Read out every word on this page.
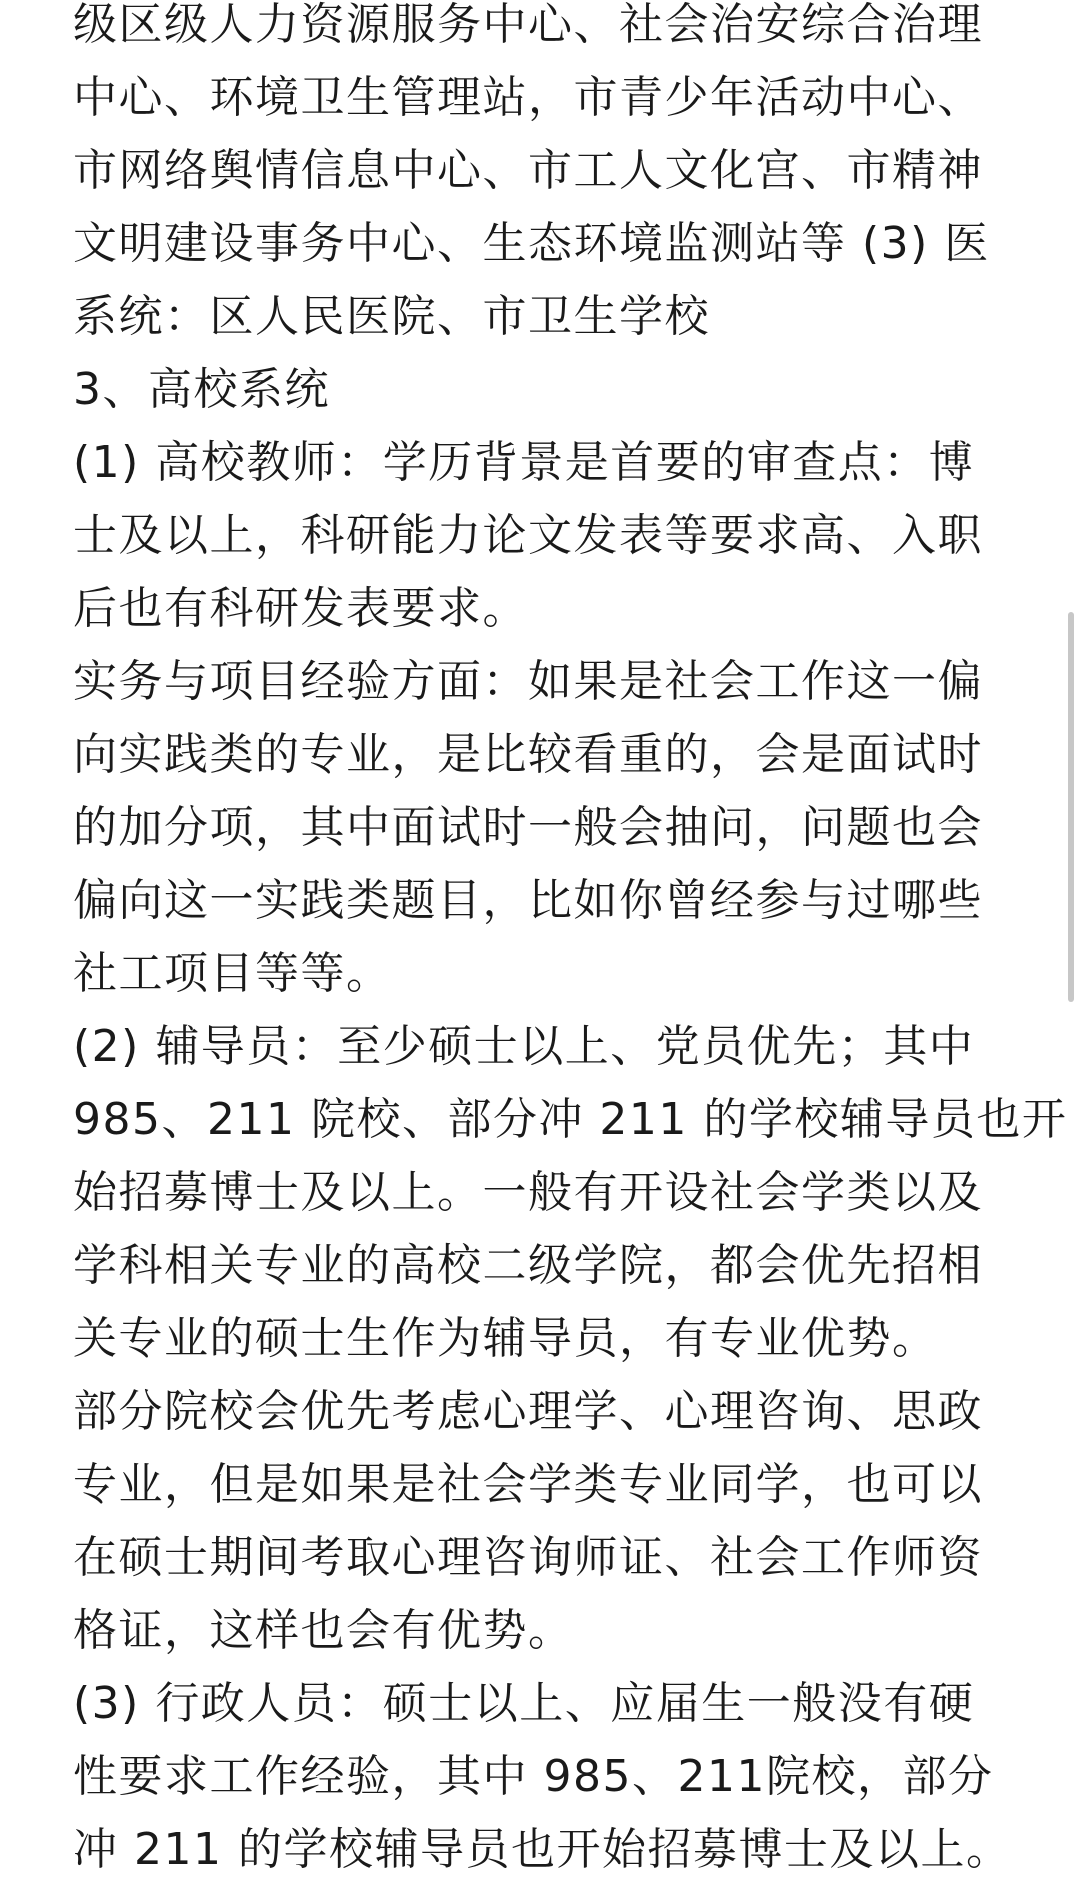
级区级人力资源服务中心、社会治安综合治理
中心、环境卫生管理站，市青少年活动中心、
市网络舆情信息中心、市工人文化宫、市精神
文明建设事务中心、生态环境监测站等 (3) 医
系统：区人民医院、市卫生学校
3、高校系统
(1) 高校教师：学历背景是首要的审查点：博
士及以上，科研能力论文发表等要求高、入职
后也有科研发表要求。
实务与项目经验方面：如果是社会工作这一偏
向实践类的专业，是比较看重的，会是面试时
的加分项，其中面试时一般会抽问，问题也会
偏向这一实践类题目，比如你曾经参与过哪些
社工项目等等。
(2) 辅导员：至少硕士以上、党员优先；其中
985、211 院校、部分冲 211 的学校辅导员也开
始招募博士及以上。一般有开设社会学类以及
学科相关专业的高校二级学院，都会优先招相
关专业的硕士生作为辅导员，有专业优势。
部分院校会优先考虑心理学、心理咨询、思政
专业，但是如果是社会学类专业同学，也可以
在硕士期间考取心理咨询师证、社会工作师资
格证，这样也会有优势。
(3) 行政人员：硕士以上、应届生一般没有硬
性要求工作经验，其中 985、211院校，部分
冲 211 的学校辅导员也开始招募博士及以上。
